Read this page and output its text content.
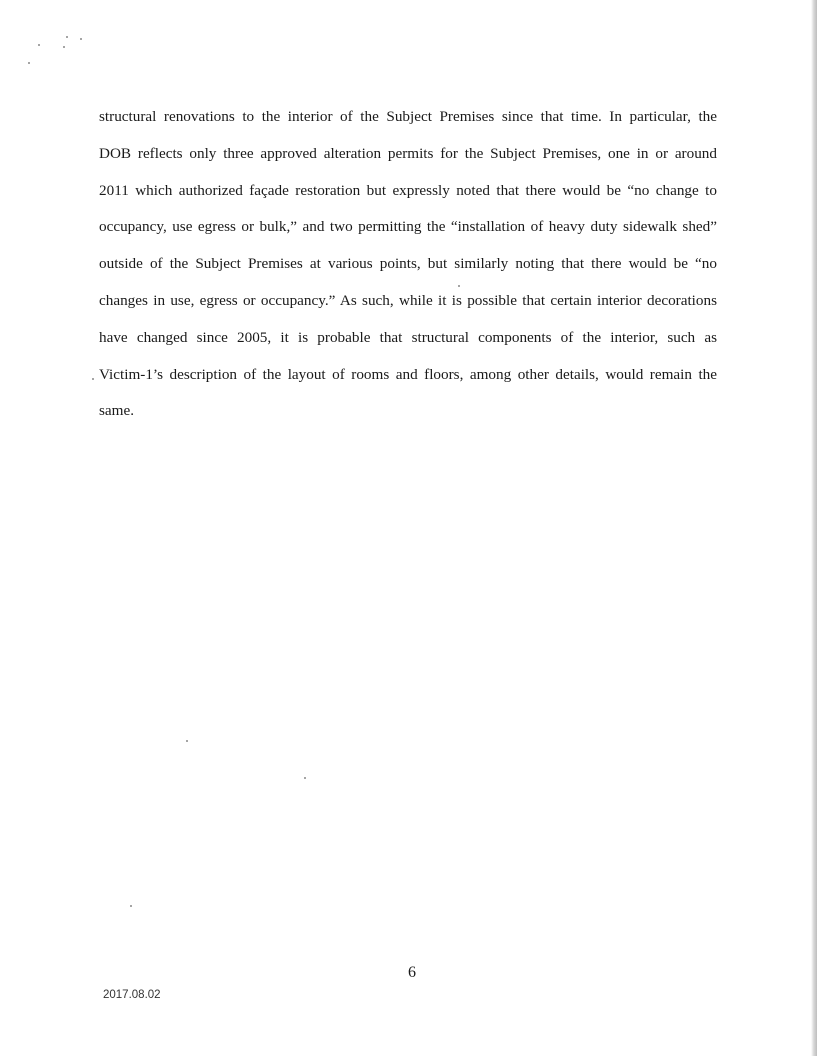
structural renovations to the interior of the Subject Premises since that time. In particular, the
DOB reflects only three approved alteration permits for the Subject Premises, one in or around
2011 which authorized façade restoration but expressly noted that there would be “no change to
occupancy, use egress or bulk,” and two permitting the “installation of heavy duty sidewalk shed”
outside of the Subject Premises at various points, but similarly noting that there would be “no
changes in use, egress or occupancy.” As such, while it is possible that certain interior decorations
have changed since 2005, it is probable that structural components of the interior, such as
Victim-1’s description of the layout of rooms and floors, among other details, would remain the
same.
6
2017.08.02
